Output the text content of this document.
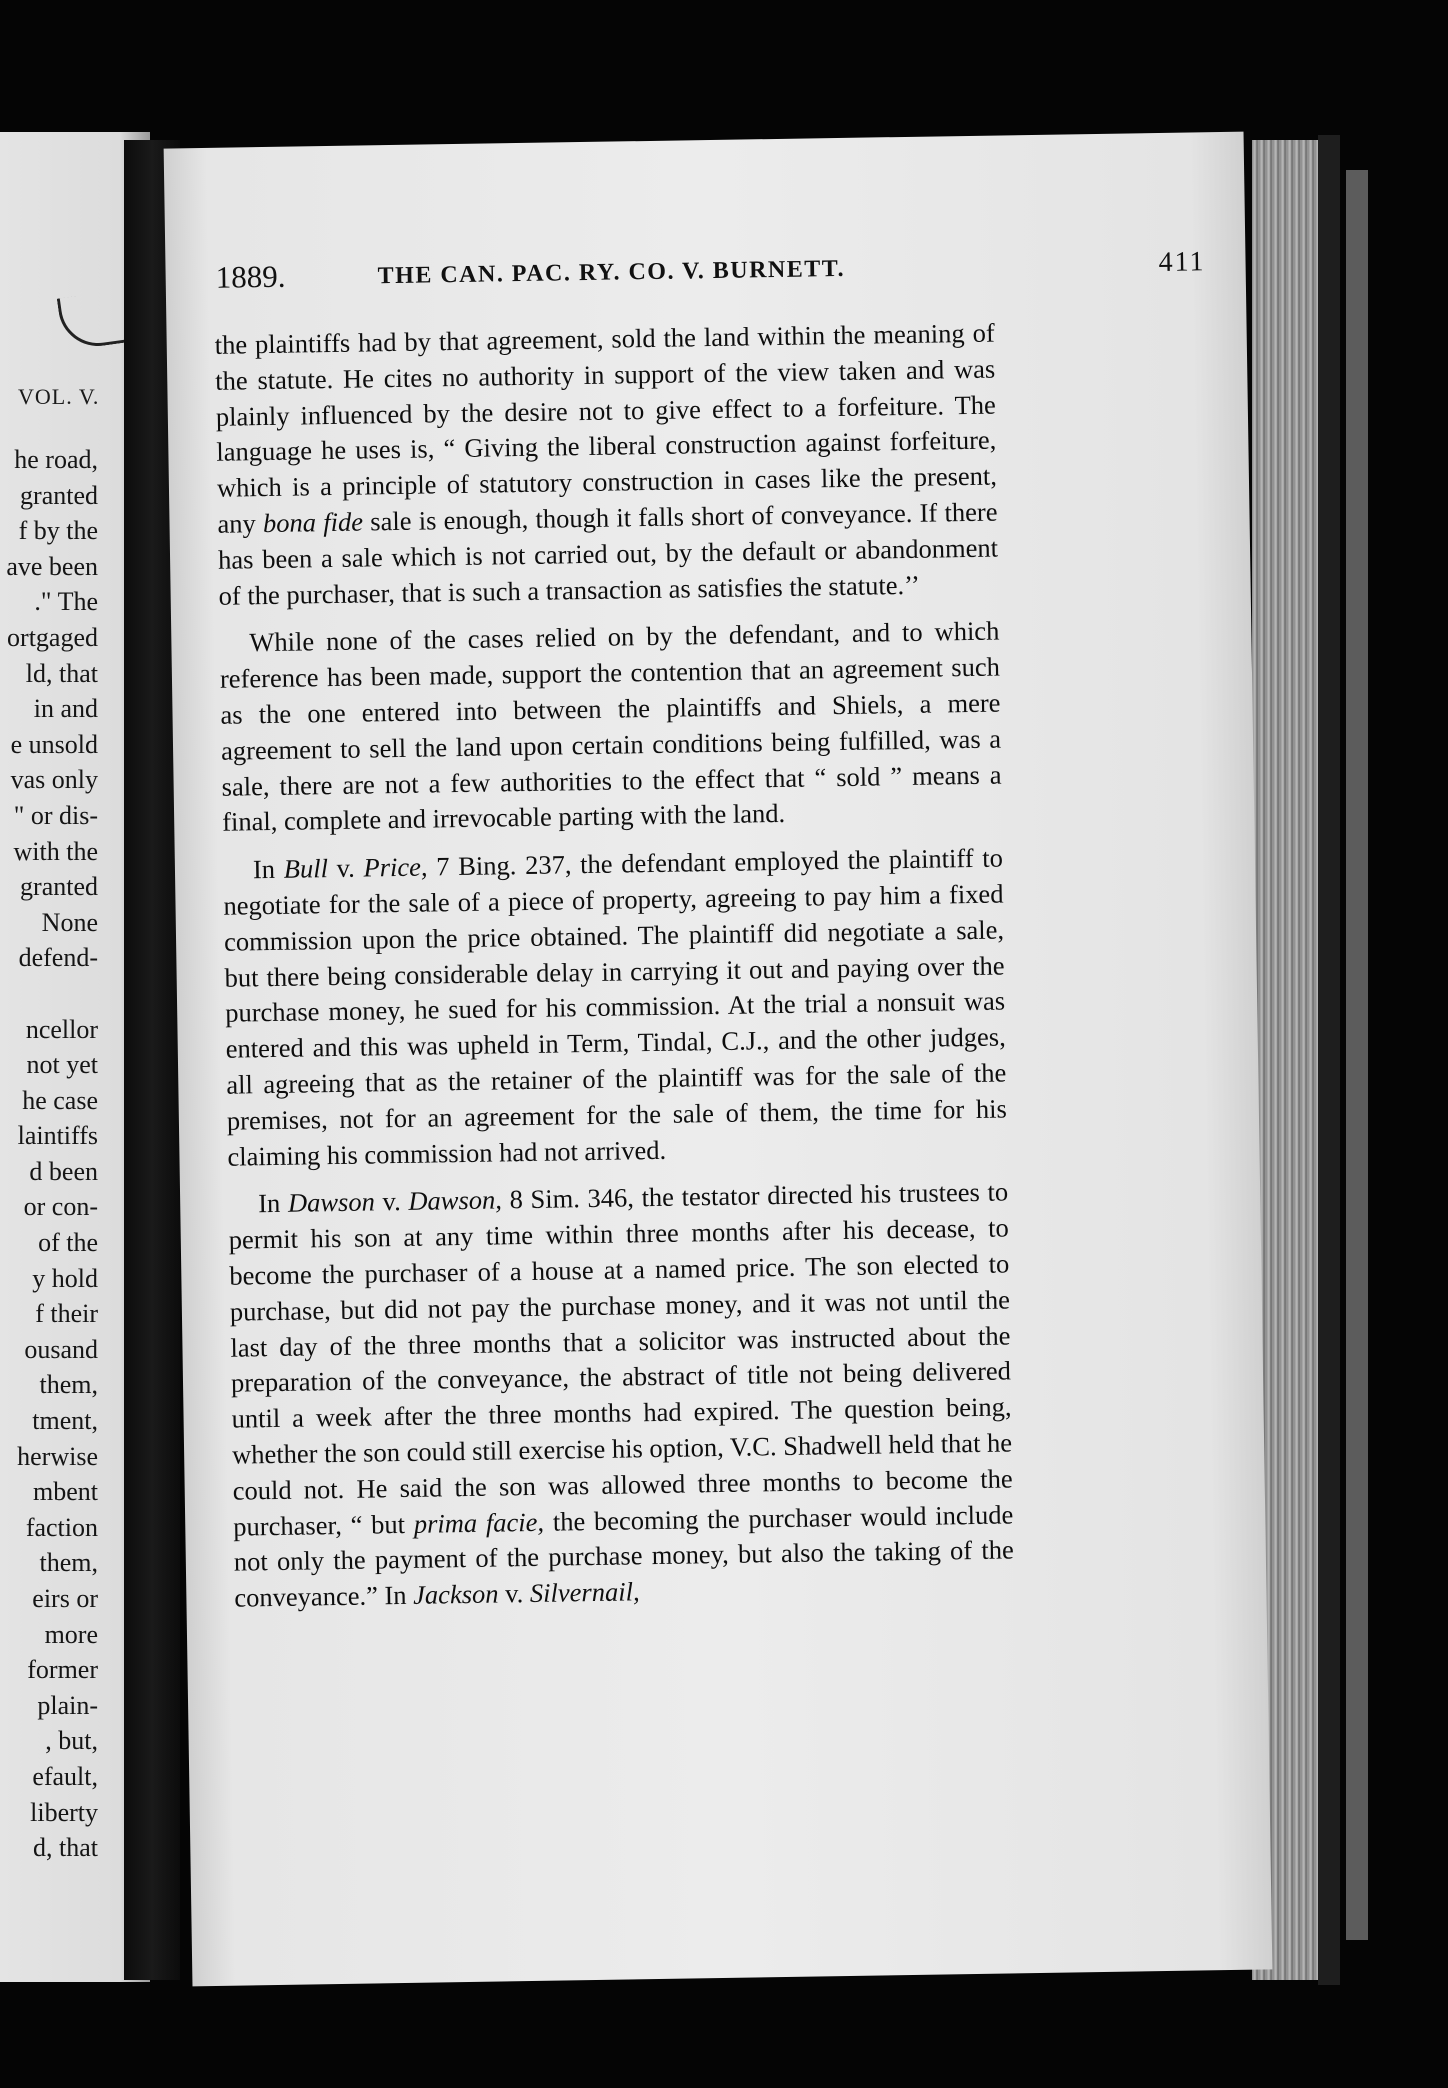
VOL. V.
he road,
granted
f by the
ave been
." The
ortgaged
ld, that
in and
e unsold
vas only
" or dis-
with the
granted
None
defend-

ncellor
not yet
he case
laintiffs
d been
or con-
of the
y hold
f their
ousand
them,
tment,
herwise
mbent
faction
them,
eirs or
more
former
plain-
, but,
efault,
liberty
d, that
1889.	THE CAN. PAC. RY. CO. V. BURNETT.	411

the plaintiffs had by that agreement, sold the land within the meaning of the statute. He cites no authority in support of the view taken and was plainly influenced by the desire not to give effect to a forfeiture. The language he uses is, “ Giving the liberal construction against forfeiture, which is a principle of statutory construction in cases like the present, any bona fide sale is enough, though it falls short of conveyance. If there has been a sale which is not carried out, by the default or abandonment of the purchaser, that is such a transaction as satisfies the statute.’’

While none of the cases relied on by the defendant, and to which reference has been made, support the contention that an agreement such as the one entered into between the plaintiffs and Shiels, a mere agreement to sell the land upon certain conditions being fulfilled, was a sale, there are not a few authorities to the effect that “ sold ” means a final, complete and irrevocable parting with the land.

In Bull v. Price, 7 Bing. 237, the defendant employed the plaintiff to negotiate for the sale of a piece of property, agreeing to pay him a fixed commission upon the price obtained. The plaintiff did negotiate a sale, but there being considerable delay in carrying it out and paying over the purchase money, he sued for his commission. At the trial a nonsuit was entered and this was upheld in Term, Tindal, C.J., and the other judges, all agreeing that as the retainer of the plaintiff was for the sale of the premises, not for an agreement for the sale of them, the time for his claiming his commission had not arrived.

In Dawson v. Dawson, 8 Sim. 346, the testator directed his trustees to permit his son at any time within three months after his decease, to become the purchaser of a house at a named price. The son elected to purchase, but did not pay the purchase money, and it was not until the last day of the three months that a solicitor was instructed about the preparation of the conveyance, the abstract of title not being delivered until a week after the three months had expired. The question being, whether the son could still exercise his option, V.C. Shadwell held that he could not. He said the son was allowed three months to become the purchaser, “ but prima facie, the becoming the purchaser would include not only the payment of the purchase money, but also the taking of the conveyance.” In Jackson v. Silvernail,
